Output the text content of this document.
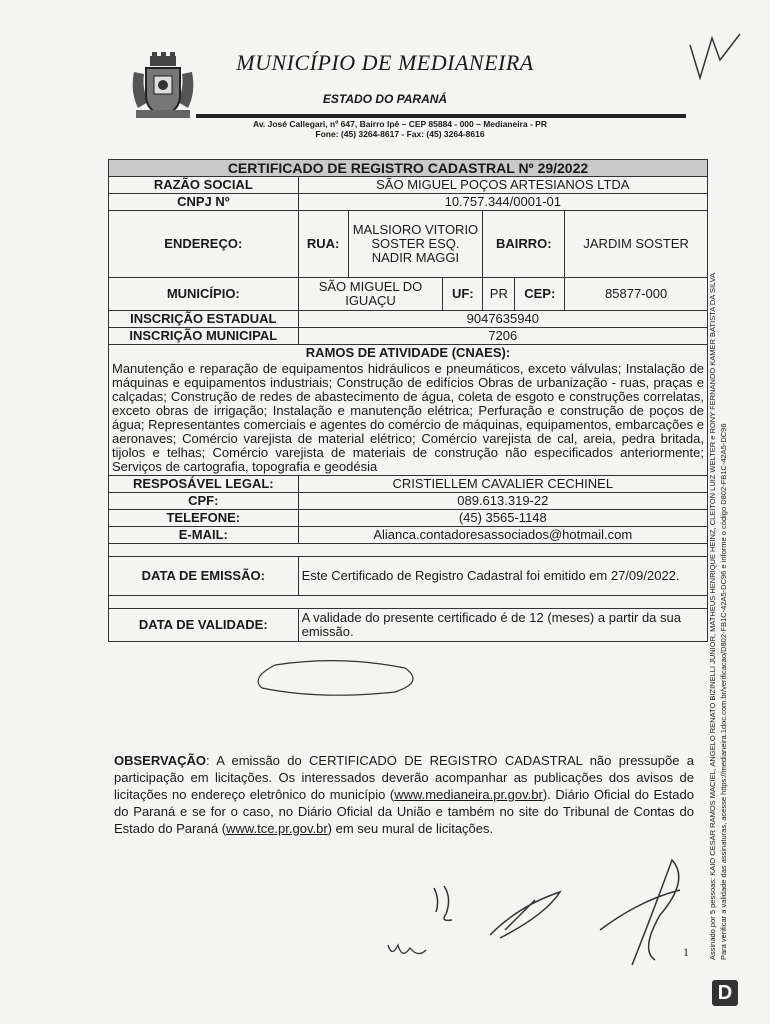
MUNICÍPIO DE MEDIANEIRA
ESTADO DO PARANÁ
Av. José Callegari, nº 647, Bairro Ipê – CEP 85884 - 000 – Medianeira - PR
Fone: (45) 3264-8617 - Fax: (45) 3264-8616
CERTIFICADO DE REGISTRO CADASTRAL Nº 29/2022						
RAZÃO SOCIAL	SÃO MIGUEL POÇOS ARTESIANOS LTDA					
CNPJ Nº	10.757.344/0001-01					
ENDEREÇO:	RUA:	MALSIORO VITORIO SOSTER ESQ. NADIR MAGGI		BAIRRO:		JARDIM SOSTER
MUNICÍPIO:	SÃO MIGUEL DO IGUAÇU		UF:	PR	CEP:	85877-000
INSCRIÇÃO ESTADUAL	9047635940					
INSCRIÇÃO MUNICIPAL	7206					
RAMOS DE ATIVIDADE (CNAES):						
Manutenção e reparação de equipamentos hidráulicos e pneumáticos, exceto válvulas; Instalação de máquinas e equipamentos industriais; Construção de edifícios Obras de urbanização - ruas, praças e calçadas; Construção de redes de abastecimento de água, coleta de esgoto e construções correlatas, exceto obras de irrigação; Instalação e manutenção elétrica; Perfuração e construção de poços de água; Representantes comerciais e agentes do comércio de máquinas, equipamentos, embarcações e aeronaves; Comércio varejista de material elétrico; Comércio varejista de cal, areia, pedra britada, tijolos e telhas; Comércio varejista de materiais de construção não especificados anteriormente; Serviços de cartografia, topografia e geodésia						
RESPOSÁVEL LEGAL:	CRISTIELLEM CAVALIER CECHINEL					
CPF:	089.613.319-22					
TELEFONE:	(45) 3565-1148					
E-MAIL:	Alianca.contadoresassociados@hotmail.com					

DATA DE EMISSÃO:	Este Certificado de Registro Cadastral foi emitido em 27/09/2022.					

DATA DE VALIDADE:	A validade do presente certificado é de 12 (meses) a partir da sua emissão.					
OBSERVAÇÃO: A emissão do CERTIFICADO DE REGISTRO CADASTRAL não pressupõe a participação em licitações. Os interessados deverão acompanhar as publicações dos avisos de licitações no endereço eletrônico do município (www.medianeira.pr.gov.br). Diário Oficial do Estado do Paraná e se for o caso, no Diário Oficial da União e também no site do Tribunal de Contas do Estado do Paraná (www.tce.pr.gov.br) em seu mural de licitações.	Assinado por 5 pessoas: KAIO CESAR RAMOS MACIEL, ANGELO RENATO BIZINELLI JUNIOR, MATHEUS HENRIQUE HEINZ, CLEITON LUIZ WELTER e RONY FERNANDO KAMER BATISTA DA SILVA Para verificar a validade das assinaturas, acesse https://medianeira.1doc.com.br/verificacao/D802-FB1C-42A5-DC96 e informe o código D802-FB1C-42A5-DC96
1
D
